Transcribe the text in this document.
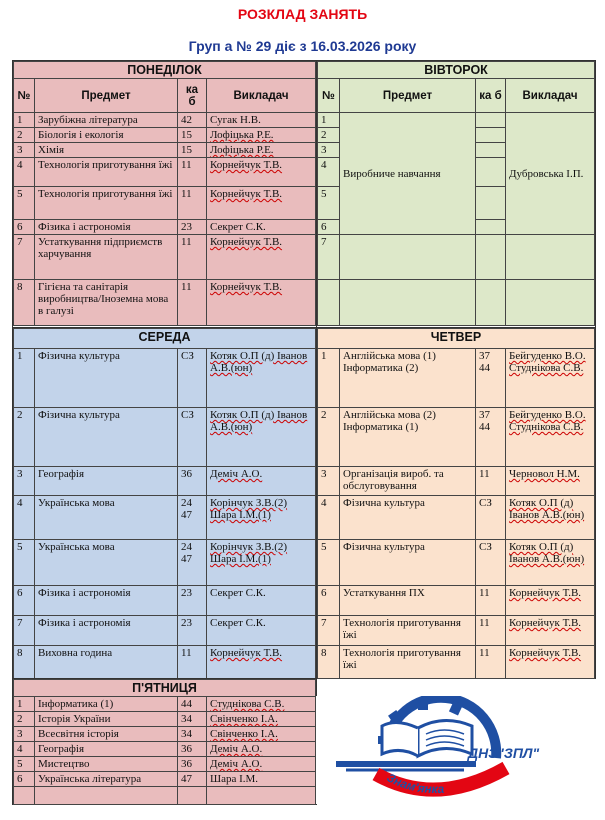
РОЗКЛАД ЗАНЯТЬ
Груп а № 29 діє з 16.03.2026 року
ПОНЕДІЛОК			
№	Предмет	ка б	Викладач
1	Зарубіжна література	42	Сугак Н.В.
2	Біологія і екологія	15	Лофіцька Р.Е.
3	Хімія	15	Лофіцька Р.Е.
4	Технологія приготування їжі	11	Корнейчук Т.В.
5	Технологія приготування їжі	11	Корнейчук Т.В.
6	Фізика і астрономія	23	Секрет С.К.
7	Устаткування підприємств харчування	11	Корнейчук Т.В.
8	Гігієна та санітарія виробництва/Іноземна мова в галузі	11	Корнейчук Т.В.
ВІВТОРОК			
№	Предмет	ка б	Викладач
1	Виробниче навчання		Дубровська І.П.
2			
3			
4			
5			
6			
7			

СЕРЕДА			
1	Фізична культура	СЗ	Котяк О.П (д) Іванов А.В.(юн)
2	Фізична культура	СЗ	Котяк О.П (д) Іванов А.В.(юн)
3	Географія	36	Деміч А.О.
4	Українська мова	24 47	Корінчук З.В.(2) Шара І.М.(1)
5	Українська мова	24 47	Корінчук З.В.(2) Шара І.М.(1)
6	Фізика і астрономія	23	Секрет С.К.
7	Фізика і астрономія	23	Секрет С.К.
8	Виховна година	11	Корнейчук Т.В.
ЧЕТВЕР			
1	Англійська мова (1) Інформатика (2)	37 44	Бейгуденко В.О. Студнікова С.В.
2	Англійська мова (2) Інформатика (1)	37 44	Бейгуденко В.О. Студнікова С.В.
3	Організація вироб. та обслуговування	11	Черновол Н.М.
4	Фізична культура	СЗ	Котяк О.П (д) Іванов А.В.(юн)
5	Фізична культура	СЗ	Котяк О.П (д) Іванов А.В.(юн)
6	Устаткування ПХ	11	Корнейчук Т.В.
7	Технологія приготування їжі	11	Корнейчук Т.В.
8	Технологія приготування їжі	11	Корнейчук Т.В.
П'ЯТНИЦЯ			
1	Інформатика (1)	44	Студнікова С.В.
2	Історія України	34	Свінченко І.А.
3	Всесвітня історія	34	Свінченко І.А.
4	Географія	36	Деміч А.О.
5	Мистецтво	36	Деміч А.О.
6	Українська література	47	Шара І.М.

ДНЗ"ЗПЛ"
Знам'янка
